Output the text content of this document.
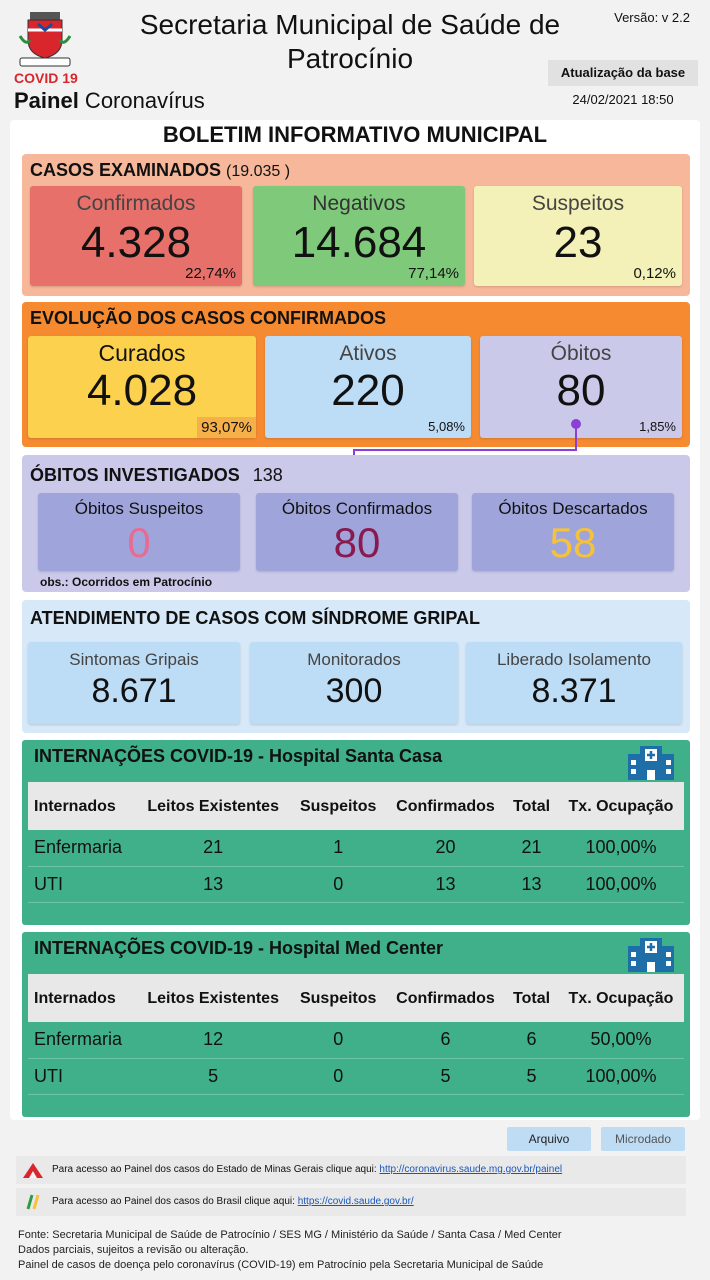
COVID 19
Painel Coronavírus
Secretaria Municipal de Saúde de Patrocínio
Versão: v 2.2
Atualização da base
24/02/2021 18:50
BOLETIM INFORMATIVO MUNICIPAL
CASOS EXAMINADOS (19.035 )
Confirmados
4.328
22,74%
Negativos
14.684
77,14%
Suspeitos
23
0,12%
EVOLUÇÃO DOS CASOS CONFIRMADOS
Curados
4.028
93,07%
Ativos
220
5,08%
Óbitos
80
1,85%
ÓBITOS INVESTIGADOS 138
Óbitos Suspeitos
0
Óbitos Confirmados
80
Óbitos Descartados
58
obs.: Ocorridos em Patrocínio
ATENDIMENTO DE CASOS COM SÍNDROME GRIPAL
Sintomas Gripais
8.671
Monitorados
300
Liberado Isolamento
8.371
INTERNAÇÕES COVID-19 - Hospital Santa Casa
Internados	Leitos Existentes	Suspeitos	Confirmados	Total	Tx. Ocupação
Enfermaria	21	1	20	21	100,00%
UTI	13	0	13	13	100,00%

INTERNAÇÕES COVID-19 - Hospital Med Center
Internados	Leitos Existentes	Suspeitos	Confirmados	Total	Tx. Ocupação
Enfermaria	12	0	6	6	50,00%
UTI	5	0	5	5	100,00%

Arquivo	Microdado
Para acesso ao Painel dos casos do Estado de Minas Gerais clique aqui: http://coronavirus.saude.mg.gov.br/painel
Para acesso ao Painel dos casos do Brasil clique aqui: https://covid.saude.gov.br/
Fonte: Secretaria Municipal de Saúde de Patrocínio / SES MG / Ministério da Saúde / Santa Casa / Med Center
Dados parciais, sujeitos a revisão ou alteração.
Painel de casos de doença pelo coronavírus (COVID-19) em Patrocínio pela Secretaria Municipal de Saúde
